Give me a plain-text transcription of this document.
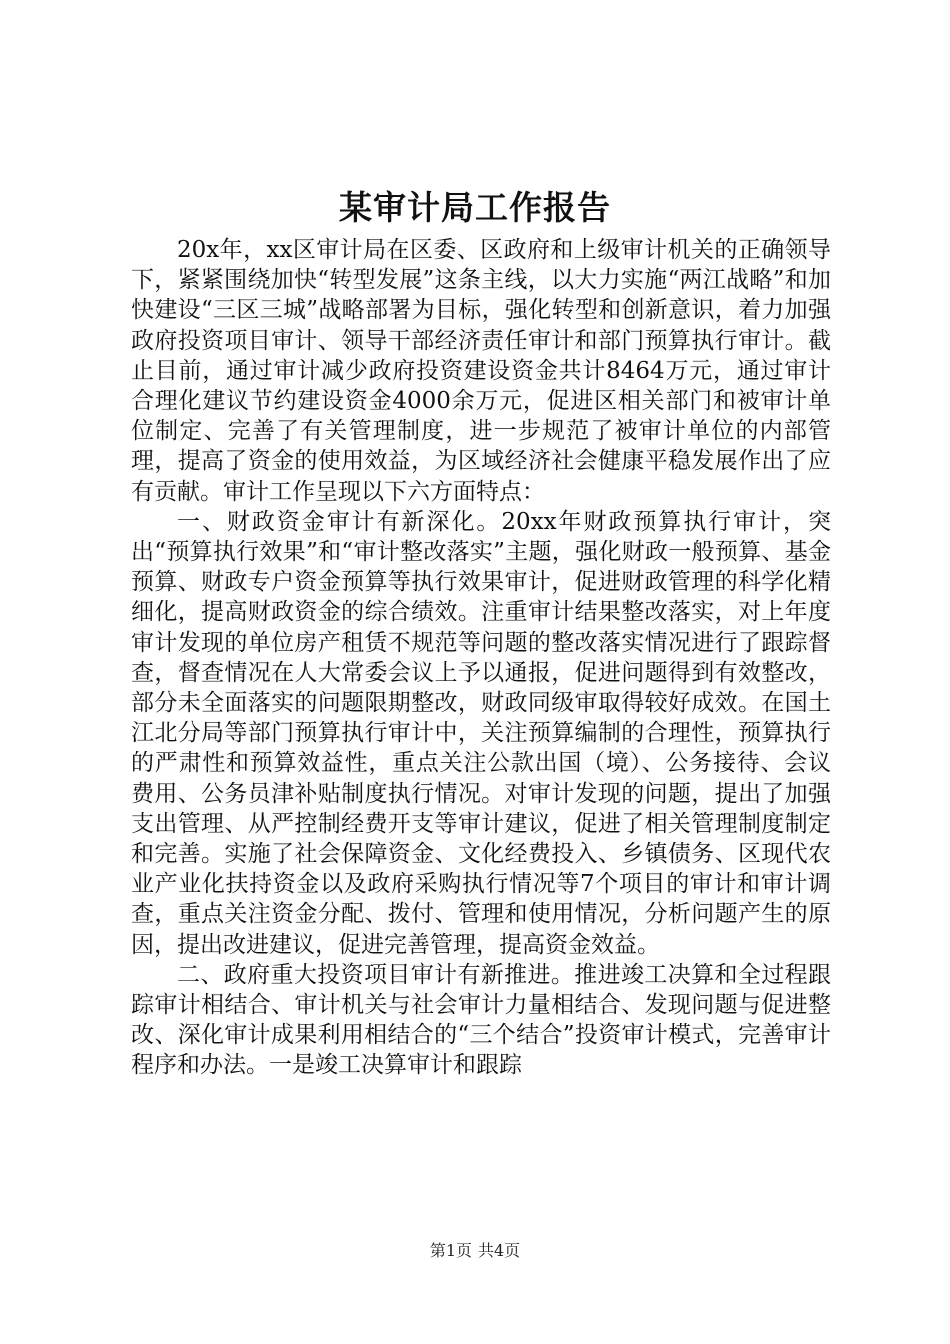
某审计局工作报告

20x年，xx区审计局在区委、区政府和上级审计机关的正确领导下，紧紧围绕加快“转型发展”这条主线，以大力实施“两江战略”和加快建设“三区三城”战略部署为目标，强化转型和创新意识，着力加强政府投资项目审计、领导干部经济责任审计和部门预算执行审计。截止目前，通过审计减少政府投资建设资金共计8464万元，通过审计合理化建议节约建设资金4000余万元，促进区相关部门和被审计单位制定、完善了有关管理制度，进一步规范了被审计单位的内部管理，提高了资金的使用效益，为区域经济社会健康平稳发展作出了应有贡献。审计工作呈现以下六方面特点：

一、财政资金审计有新深化。20xx年财政预算执行审计，突出“预算执行效果”和“审计整改落实”主题，强化财政一般预算、基金预算、财政专户资金预算等执行效果审计，促进财政管理的科学化精细化，提高财政资金的综合绩效。注重审计结果整改落实，对上年度审计发现的单位房产租赁不规范等问题的整改落实情况进行了跟踪督查，督查情况在人大常委会议上予以通报，促进问题得到有效整改，部分未全面落实的问题限期整改，财政同级审取得较好成效。在国土江北分局等部门预算执行审计中，关注预算编制的合理性，预算执行的严肃性和预算效益性，重点关注公款出国（境）、公务接待、会议费用、公务员津补贴制度执行情况。对审计发现的问题，提出了加强支出管理、从严控制经费开支等审计建议，促进了相关管理制度制定和完善。实施了社会保障资金、文化经费投入、乡镇债务、区现代农业产业化扶持资金以及政府采购执行情况等7个项目的审计和审计调查，重点关注资金分配、拨付、管理和使用情况，分析问题产生的原因，提出改进建议，促进完善管理，提高资金效益。

二、政府重大投资项目审计有新推进。推进竣工决算和全过程跟踪审计相结合、审计机关与社会审计力量相结合、发现问题与促进整改、深化审计成果利用相结合的“三个结合”投资审计模式，完善审计程序和办法。一是竣工决算审计和跟踪

第1页 共4页
